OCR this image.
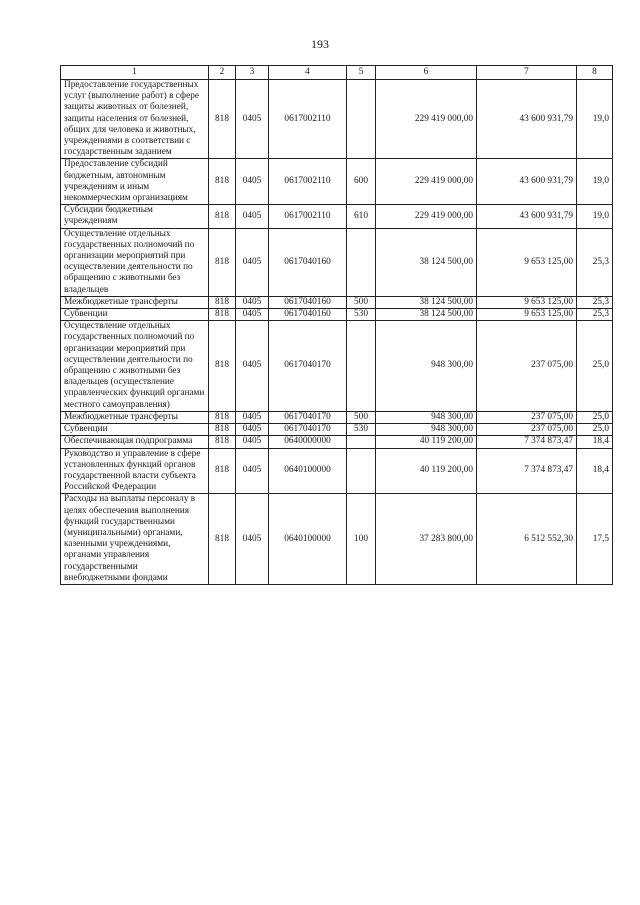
193
1	2	3	4	5	6	7	8
Предоставление государственных услуг (выполнение работ) в сфере защиты животных от болезней, защиты населения от болезней, общих для человека и животных, учреждениями в соответствии с государственным заданием	818	0405	0617002110		229 419 000,00	43 600 931,79	19,0
Предоставление субсидий бюджетным, автономным учреждениям и иным некоммерческим организациям	818	0405	0617002110	600	229 419 000,00	43 600 931,79	19,0
Субсидии бюджетным учреждениям	818	0405	0617002110	610	229 419 000,00	43 600 931,79	19,0
Осуществление отдельных государственных полномочий по организации мероприятий при осуществлении деятельности по обращению с животными без владельцев	818	0405	0617040160		38 124 500,00	9 653 125,00	25,3
Межбюджетные трансферты	818	0405	0617040160	500	38 124 500,00	9 653 125,00	25,3
Субвенции	818	0405	0617040160	530	38 124 500,00	9 653 125,00	25,3
Осуществление отдельных государственных полномочий по организации мероприятий при осуществлении деятельности по обращению с животными без владельцев (осуществление управленческих функций органами местного самоуправления)	818	0405	0617040170		948 300,00	237 075,00	25,0
Межбюджетные трансферты	818	0405	0617040170	500	948 300,00	237 075,00	25,0
Субвенции	818	0405	0617040170	530	948 300,00	237 075,00	25,0
Обеспечивающая подпрограмма	818	0405	0640000000		40 119 200,00	7 374 873,47	18,4
Руководство и управление в сфере установленных функций органов государственной власти субъекта Российской Федерации	818	0405	0640100000		40 119 200,00	7 374 873,47	18,4
Расходы на выплаты персоналу в целях обеспечения выполнения функций государственными (муниципальными) органами, казенными учреждениями, органами управления государственными внебюджетными фондами	818	0405	0640100000	100	37 283 800,00	6 512 552,30	17,5
